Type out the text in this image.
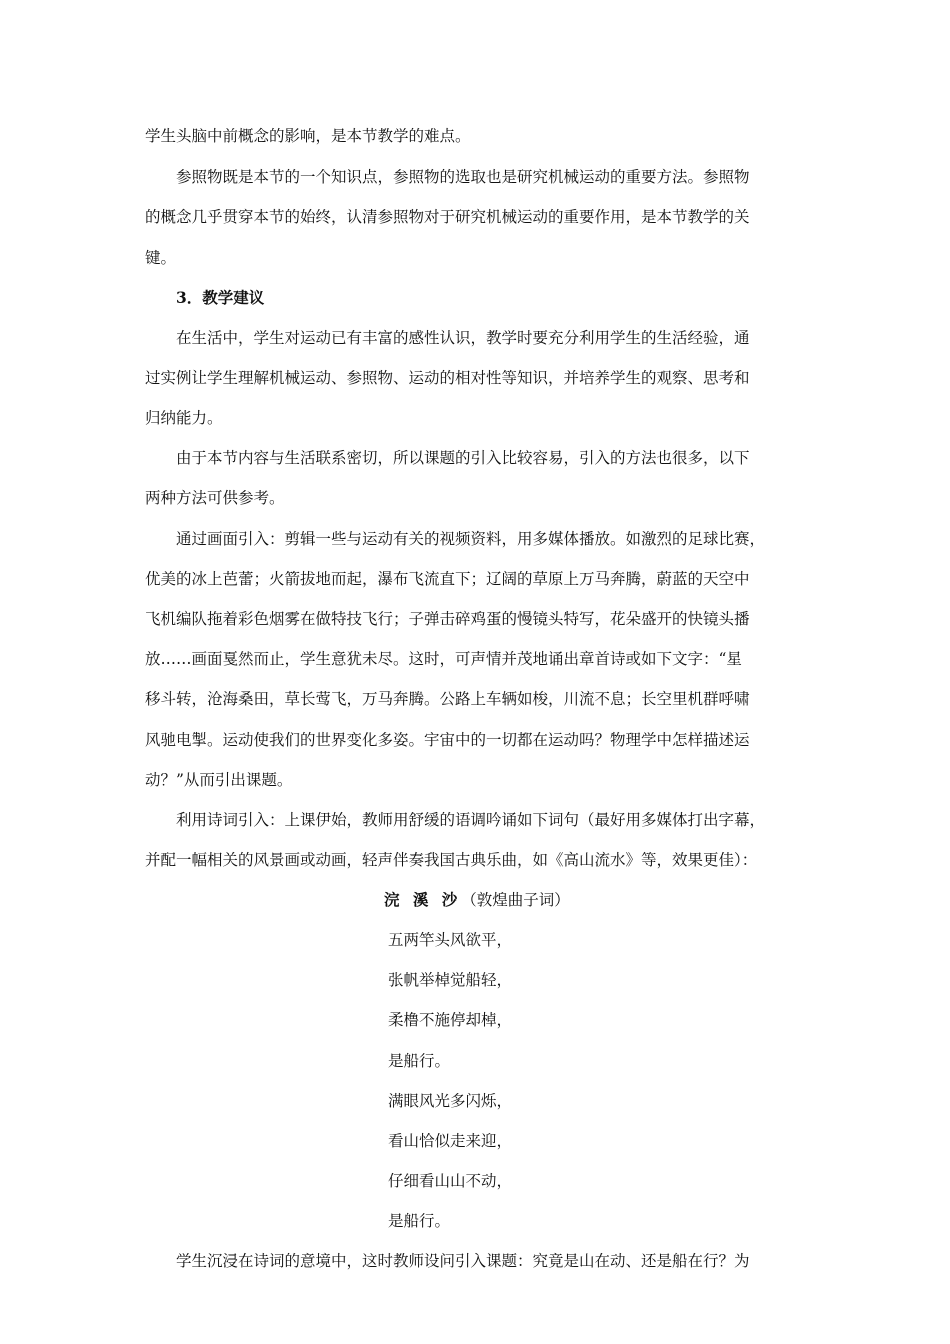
学生头脑中前概念的影响，是本节教学的难点。
参照物既是本节的一个知识点，参照物的选取也是研究机械运动的重要方法。参照物
的概念几乎贯穿本节的始终，认清参照物对于研究机械运动的重要作用，是本节教学的关
键。
3．教学建议
在生活中，学生对运动已有丰富的感性认识，教学时要充分利用学生的生活经验，通
过实例让学生理解机械运动、参照物、运动的相对性等知识，并培养学生的观察、思考和
归纳能力。
由于本节内容与生活联系密切，所以课题的引入比较容易，引入的方法也很多，以下
两种方法可供参考。
通过画面引入：剪辑一些与运动有关的视频资料，用多媒体播放。如激烈的足球比赛，
优美的冰上芭蕾；火箭拔地而起，瀑布飞流直下；辽阔的草原上万马奔腾，蔚蓝的天空中
飞机编队拖着彩色烟雾在做特技飞行；子弹击碎鸡蛋的慢镜头特写，花朵盛开的快镜头播
放……画面戛然而止，学生意犹未尽。这时，可声情并茂地诵出章首诗或如下文字：“星
移斗转，沧海桑田，草长莺飞，万马奔腾。公路上车辆如梭，川流不息；长空里机群呼啸
风驰电掣。运动使我们的世界变化多姿。宇宙中的一切都在运动吗？物理学中怎样描述运
动？”从而引出课题。
利用诗词引入：上课伊始，教师用舒缓的语调吟诵如下词句（最好用多媒体打出字幕，
并配一幅相关的风景画或动画，轻声伴奏我国古典乐曲，如《高山流水》等，效果更佳）：
浣 溪 沙（敦煌曲子词）
五两竿头风欲平，
张帆举棹觉船轻，
柔橹不施停却棹，
是船行。
满眼风光多闪烁，
看山恰似走来迎，
仔细看山山不动，
是船行。
学生沉浸在诗词的意境中，这时教师设问引入课题：究竟是山在动、还是船在行？为
